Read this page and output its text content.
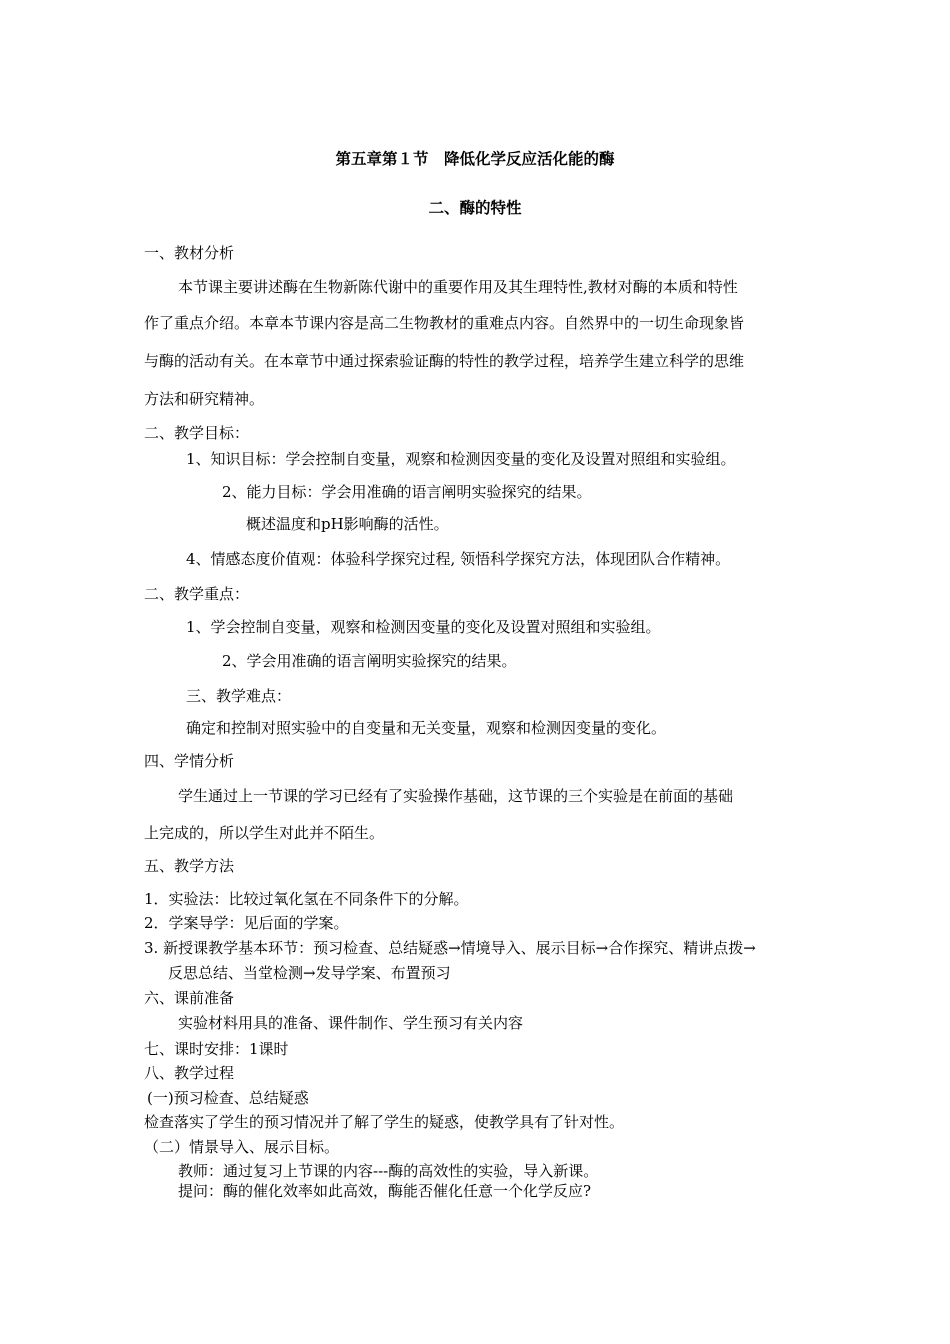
第五章第１节　降低化学反应活化能的酶
二、酶的特性
一、教材分析
本节课主要讲述酶在生物新陈代谢中的重要作用及其生理特性,教材对酶的本质和特性
作了重点介绍。本章本节课内容是高二生物教材的重难点内容。自然界中的一切生命现象皆
与酶的活动有关。在本章节中通过探索验证酶的特性的教学过程，培养学生建立科学的思维
方法和研究精神。
二、教学目标：
1、知识目标：学会控制自变量，观察和检测因变量的变化及设置对照组和实验组。
2、能力目标：学会用准确的语言阐明实验探究的结果。
概述温度和pH影响酶的活性。
4、情感态度价值观：体验科学探究过程, 领悟科学探究方法，体现团队合作精神。
二、教学重点：
1、学会控制自变量，观察和检测因变量的变化及设置对照组和实验组。
2、学会用准确的语言阐明实验探究的结果。
三、教学难点：
确定和控制对照实验中的自变量和无关变量，观察和检测因变量的变化。
四、学情分析
学生通过上一节课的学习已经有了实验操作基础，这节课的三个实验是在前面的基础
上完成的，所以学生对此并不陌生。
五、教学方法
1．实验法：比较过氧化氢在不同条件下的分解。
2．学案导学：见后面的学案。
3. 新授课教学基本环节：预习检查、总结疑惑→情境导入、展示目标→合作探究、精讲点拨→
反思总结、当堂检测→发导学案、布置预习
六、课前准备
实验材料用具的准备、课件制作、学生预习有关内容
七、课时安排：1课时
八、教学过程
(一)预习检查、总结疑惑
检查落实了学生的预习情况并了解了学生的疑惑，使教学具有了针对性。
（二）情景导入、展示目标。
教师：通过复习上节课的内容---酶的高效性的实验，导入新课。
提问：酶的催化效率如此高效，酶能否催化任意一个化学反应?
